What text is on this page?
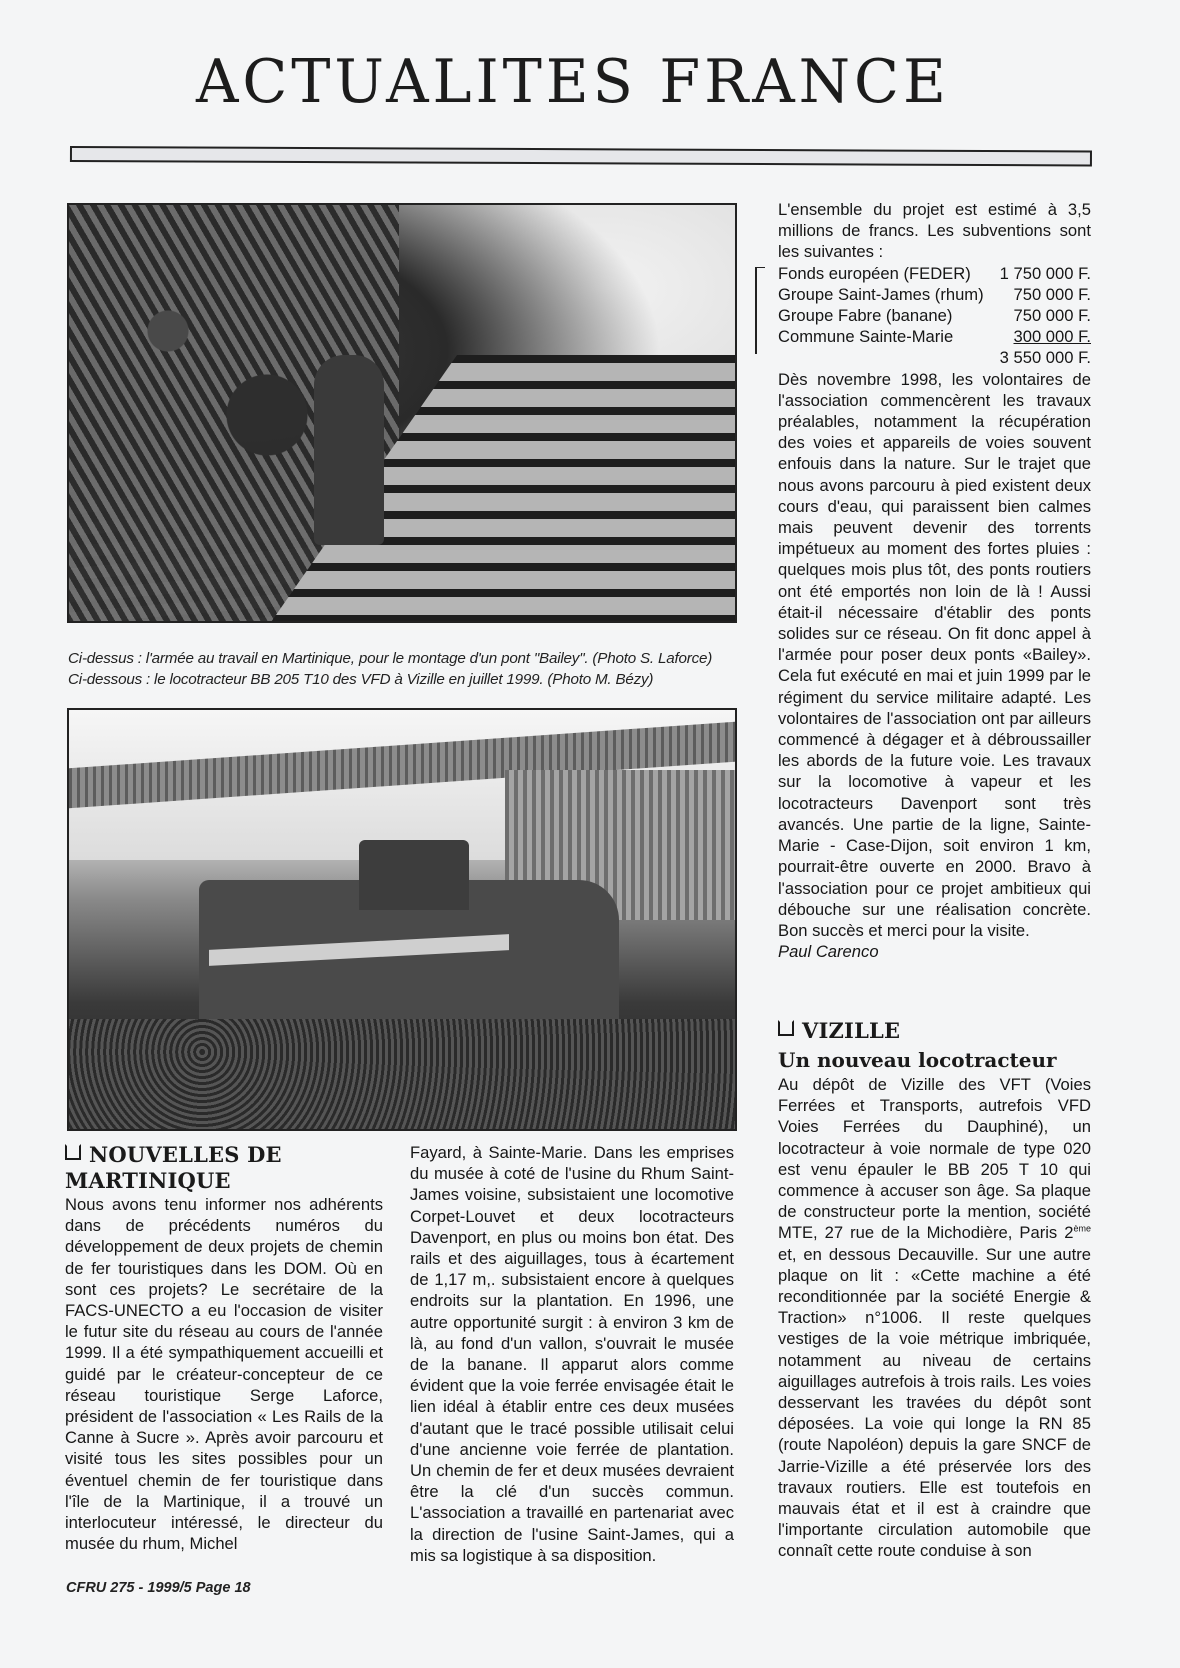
ACTUALITES FRANCE
Ci-dessus : l'armée au travail en Martinique, pour le montage d'un pont "Bailey". (Photo S. Laforce)
Ci-dessous : le locotracteur BB 205 T10 des VFD à Vizille en juillet 1999. (Photo M. Bézy)

L'ensemble du projet est estimé à 3,5 millions de francs. Les subventions sont les suivantes :

Fonds européen (FEDER)	1 750 000 F.
Groupe Saint-James (rhum)	750 000 F.
Groupe Fabre (banane)	750 000 F.
Commune Sainte-Marie	300 000 F.
	3 550 000 F.

Dès novembre 1998, les volontaires de l'association commencèrent les travaux préalables, notamment la récupération des voies et appareils de voies souvent enfouis dans la nature. Sur le trajet que nous avons parcouru à pied existent deux cours d'eau, qui paraissent bien calmes mais peuvent devenir des torrents impétueux au moment des fortes pluies : quelques mois plus tôt, des ponts routiers ont été emportés non loin de là ! Aussi était-il nécessaire d'établir des ponts solides sur ce réseau. On fit donc appel à l'armée pour poser deux ponts «Bailey». Cela fut exécuté en mai et juin 1999 par le régiment du service militaire adapté. Les volontaires de l'association ont par ailleurs commencé à dégager et à débroussailler les abords de la future voie. Les travaux sur la locomotive à vapeur et les locotracteurs Davenport sont très avancés. Une partie de la ligne, Sainte-Marie - Case-Dijon, soit environ 1 km, pourrait-être ouverte en 2000. Bravo à l'association pour ce projet ambitieux qui débouche sur une réalisation concrète. Bon succès et merci pour la visite.

Paul Carenco

VIZILLE
Un nouveau locotracteur

Au dépôt de Vizille des VFT (Voies Ferrées et Transports, autrefois VFD Voies Ferrées du Dauphiné), un locotracteur à voie normale de type 020 est venu épauler le BB 205 T 10 qui commence à accuser son âge. Sa plaque de constructeur porte la mention, société MTE, 27 rue de la Michodière, Paris 2ème et, en dessous Decauville. Sur une autre plaque on lit : «Cette machine a été reconditionnée par la société Energie & Traction» n°1006. Il reste quelques vestiges de la voie métrique imbriquée, notamment au niveau de certains aiguillages autrefois à trois rails. Les voies desservant les travées du dépôt sont déposées. La voie qui longe la RN 85 (route Napoléon) depuis la gare SNCF de Jarrie-Vizille a été préservée lors des travaux routiers. Elle est toutefois en mauvais état et il est à craindre que l'importante circulation automobile que connaît cette route conduise à son

NOUVELLES DE
MARTINIQUE

Nous avons tenu informer nos adhérents dans de précédents numéros du développement de deux projets de chemin de fer touristiques dans les DOM. Où en sont ces projets? Le secrétaire de la FACS-UNECTO a eu l'occasion de visiter le futur site du réseau au cours de l'année 1999. Il a été sympathiquement accueilli et guidé par le créateur-concepteur de ce réseau touristique Serge Laforce, président de l'association « Les Rails de la Canne à Sucre ». Après avoir parcouru et visité tous les sites possibles pour un éventuel chemin de fer touristique dans l'île de la Martinique, il a trouvé un interlocuteur intéressé, le directeur du musée du rhum, Michel

Fayard, à Sainte-Marie. Dans les emprises du musée à coté de l'usine du Rhum Saint-James voisine, subsistaient une locomotive Corpet-Louvet et deux locotracteurs Davenport, en plus ou moins bon état. Des rails et des aiguillages, tous à écartement de 1,17 m,. subsistaient encore à quelques endroits sur la plantation. En 1996, une autre opportunité surgit : à environ 3 km de là, au fond d'un vallon, s'ouvrait le musée de la banane. Il apparut alors comme évident que la voie ferrée envisagée était le lien idéal à établir entre ces deux musées d'autant que le tracé possible utilisait celui d'une ancienne voie ferrée de plantation. Un chemin de fer et deux musées devraient être la clé d'un succès commun. L'association a travaillé en partenariat avec la direction de l'usine Saint-James, qui a mis sa logistique à sa disposition.

CFRU 275 - 1999/5 Page 18
